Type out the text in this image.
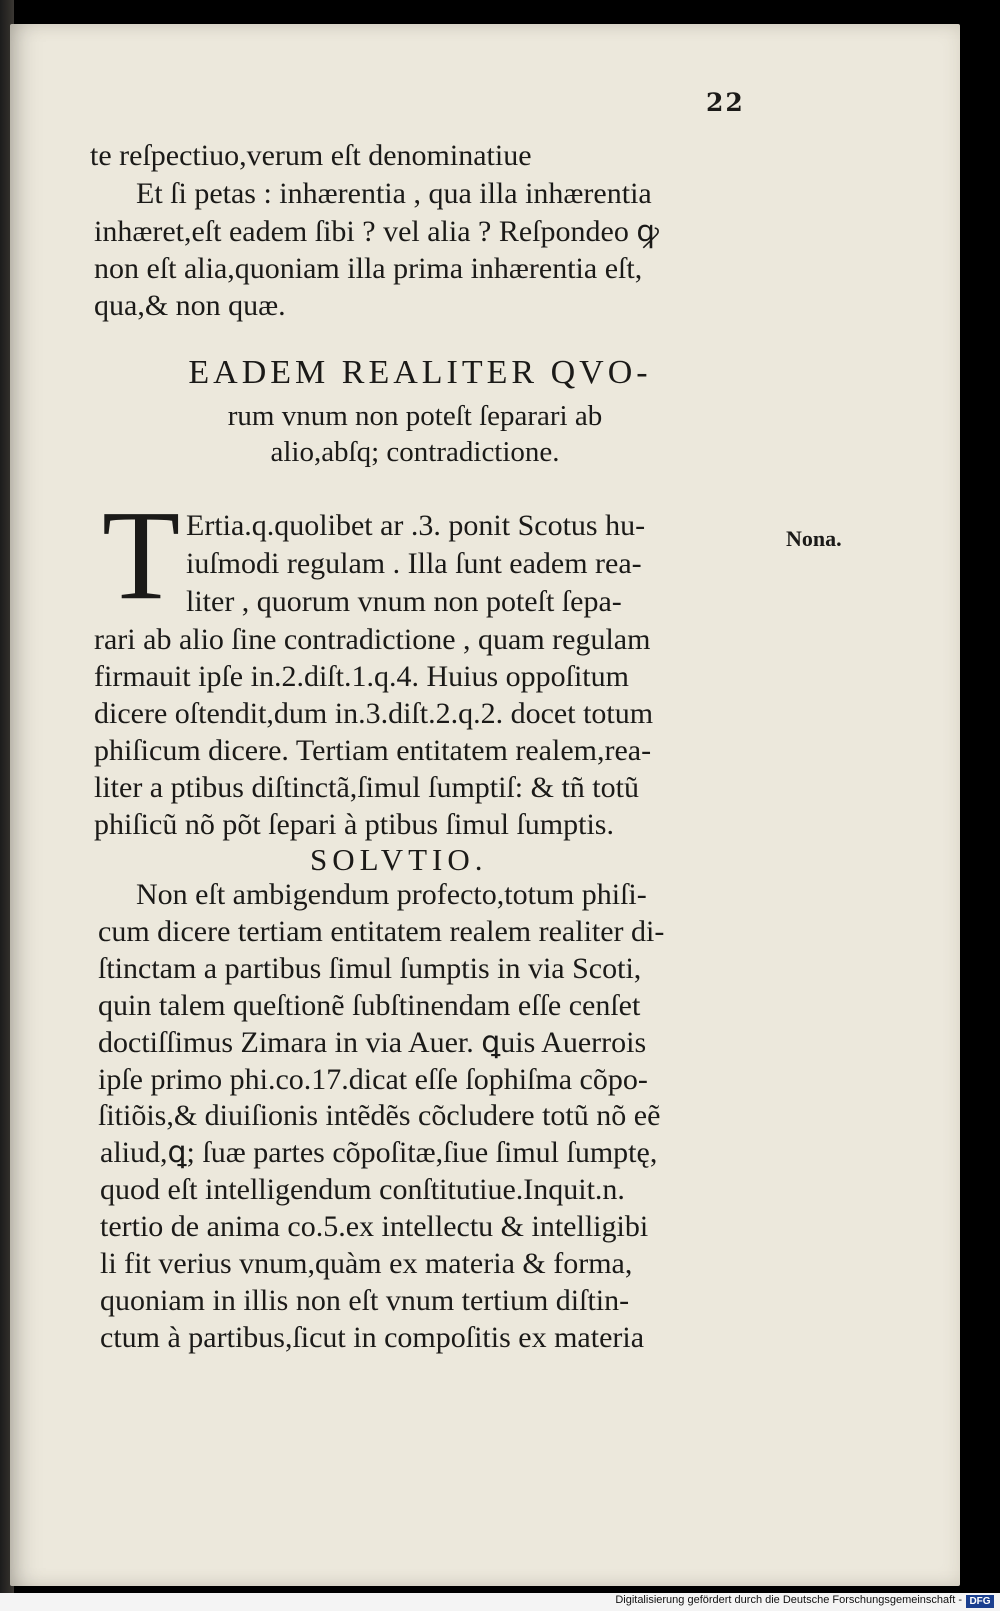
22
te reſpectiuo,verum eſt denominatiue
Et ſi petas : inhærentia , qua illa inhærentia
inhæret,eſt eadem ſibi ? vel alia ? Reſpondeo ꝙ
non eſt alia,quoniam illa prima inhærentia eſt,
qua,& non quæ.
EADEM REALITER QVO-
rum vnum non poteſt ſeparari ab
alio,abſq; contradictione.
T	Nona.
Ertia.q.quolibet ar .3. ponit Scotus hu-
iuſmodi regulam . Illa ſunt eadem rea-
liter , quorum vnum non poteſt ſepa-
rari ab alio ſine contradictione , quam regulam
firmauit ipſe in.2.diſt.1.q.4. Huius oppoſitum
dicere oſtendit,dum in.3.diſt.2.q.2. docet totum
phiſicum dicere. Tertiam entitatem realem,rea-
liter a ptibus diſtinctã,ſimul ſumptiſ: & tñ totũ
phiſicũ nõ põt ſepari à ptibus ſimul ſumptis.
SOLVTIO.
Non eſt ambigendum profecto,totum phiſi-
cum dicere tertiam entitatem realem realiter di-
ſtinctam a partibus ſimul ſumptis in via Scoti,
quin talem queſtionẽ ſubſtinendam eſſe cenſet
doctiſſimus Zimara in via Auer. ꝗuis Auerrois
ipſe primo phi.co.17.dicat eſſe ſophiſma cõpo-
ſitiõis,& diuiſionis intẽdẽs cõcludere totũ nõ eẽ
aliud,ꝗ; ſuæ partes cõpoſitæ,ſiue ſimul ſumptę,
quod eſt intelligendum conſtitutiue.Inquit.n.
tertio de anima co.5.ex intellectu & intelligibi
li fit verius vnum,quàm ex materia & forma,
quoniam in illis non eſt vnum tertium diſtin-
ctum à partibus,ſicut in compoſitis ex materia
Digitalisierung gefördert durch die Deutsche Forschungsgemeinschaft - DFG
